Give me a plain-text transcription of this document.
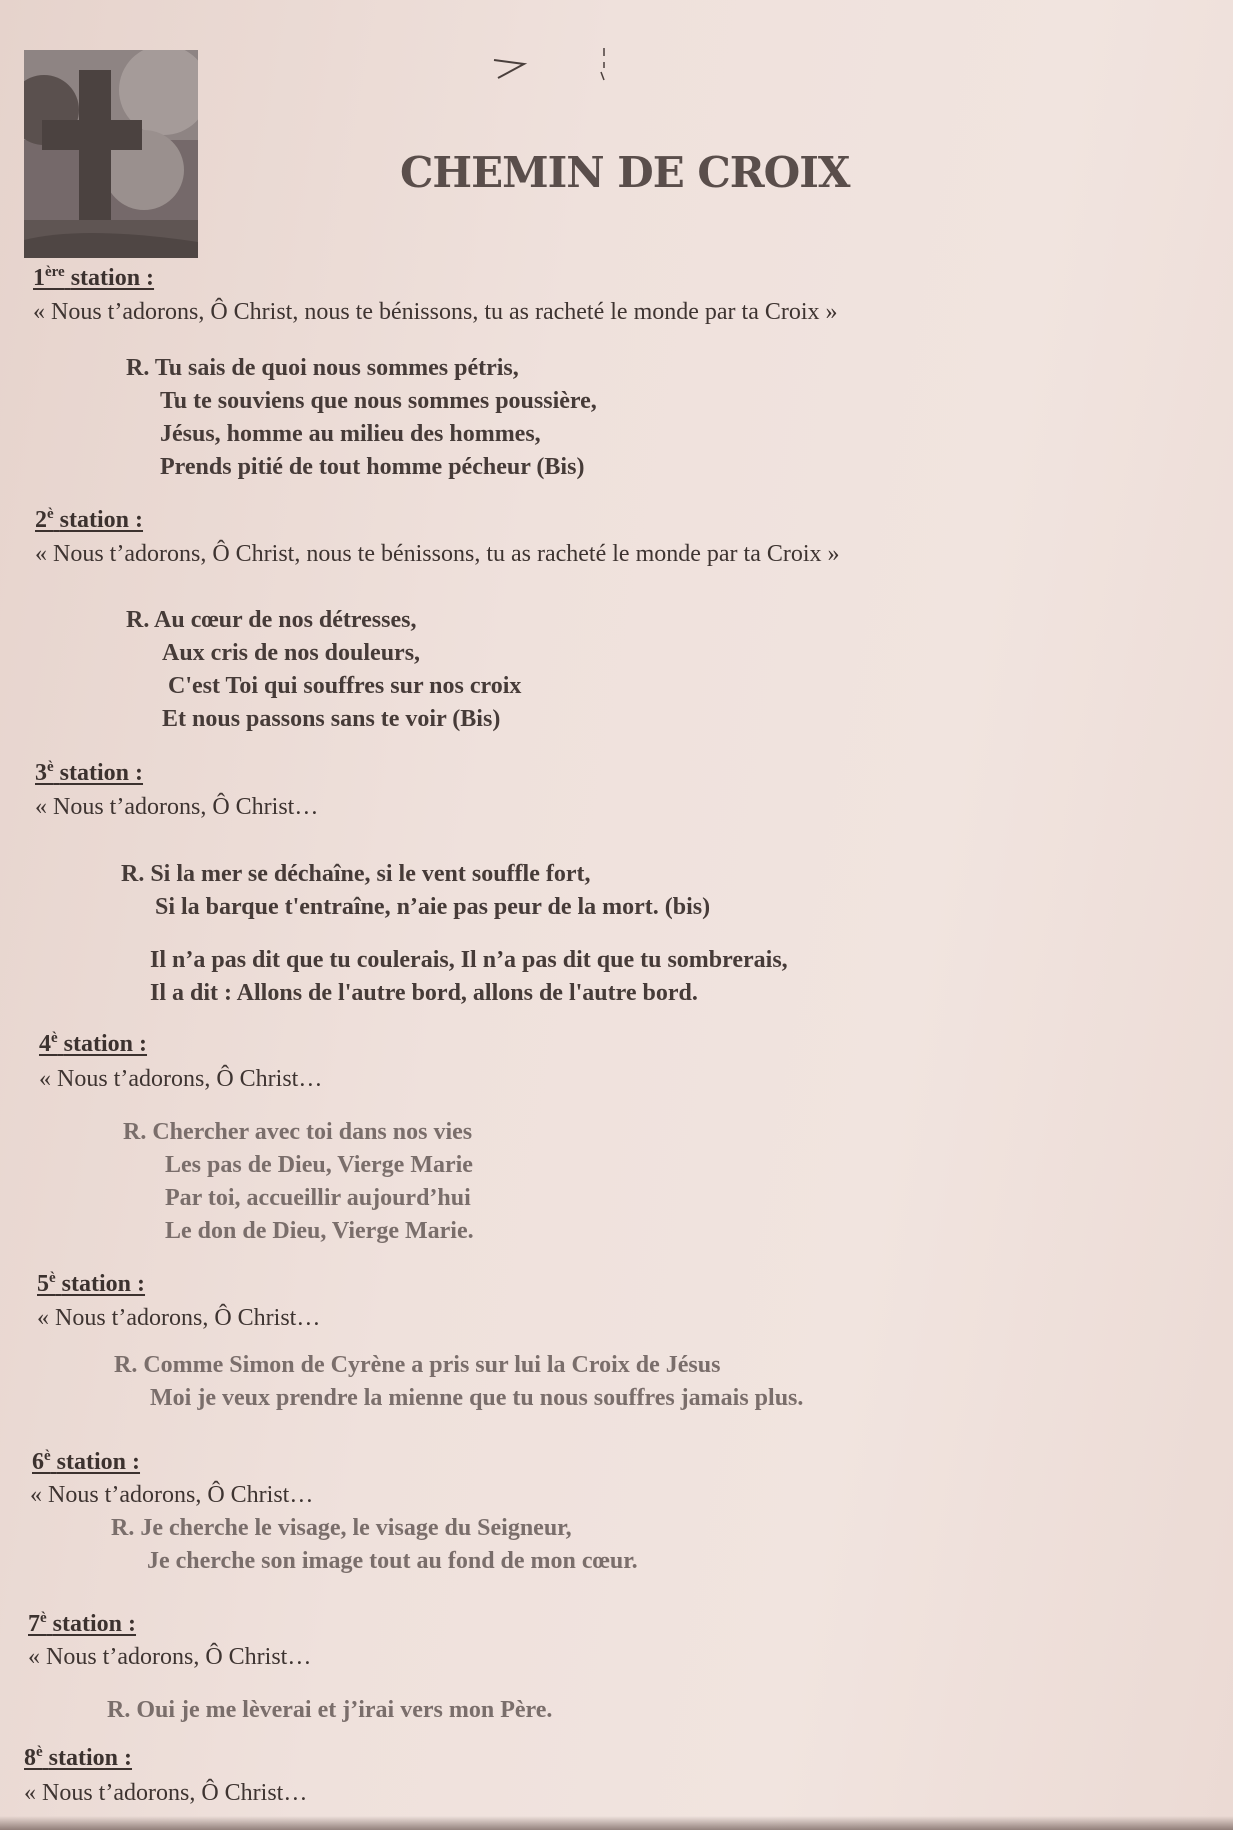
CHEMIN DE CROIX
1ère station :
« Nous t’adorons, Ô Christ, nous te bénissons, tu as racheté le monde par ta Croix »
R. Tu sais de quoi nous sommes pétris,
Tu te souviens que nous sommes poussière,
Jésus, homme au milieu des hommes,
Prends pitié de tout homme pécheur (Bis)
$2^è$ station :
« Nous t’adorons, Ô Christ, nous te bénissons, tu as racheté le monde par ta Croix »
R. Au cœur de nos détresses,
Aux cris de nos douleurs,
C'est Toi qui souffres sur nos croix
Et nous passons sans te voir (Bis)
$3^è$ station :
« Nous t’adorons, Ô Christ…
R. Si la mer se déchaîne, si le vent souffle fort,
Si la barque t'entraîne, n’aie pas peur de la mort. (bis)
Il n’a pas dit que tu coulerais, Il n’a pas dit que tu sombrerais,
Il a dit : Allons de l'autre bord, allons de l'autre bord.
$4^è$ station :
« Nous t’adorons, Ô Christ…
R. Chercher avec toi dans nos vies
Les pas de Dieu, Vierge Marie
Par toi, accueillir aujourd’hui
Le don de Dieu, Vierge Marie.
$5^è$ station :
« Nous t’adorons, Ô Christ…
R. Comme Simon de Cyrène a pris sur lui la Croix de Jésus
Moi je veux prendre la mienne que tu nous souffres jamais plus.
$6^è$ station :
« Nous t’adorons, Ô Christ…
R. Je cherche le visage, le visage du Seigneur,
Je cherche son image tout au fond de mon cœur.
$7^è$ station :
« Nous t’adorons, Ô Christ…
R. Oui je me lèverai et j’irai vers mon Père.
$8^è$ station :
« Nous t’adorons, Ô Christ…
